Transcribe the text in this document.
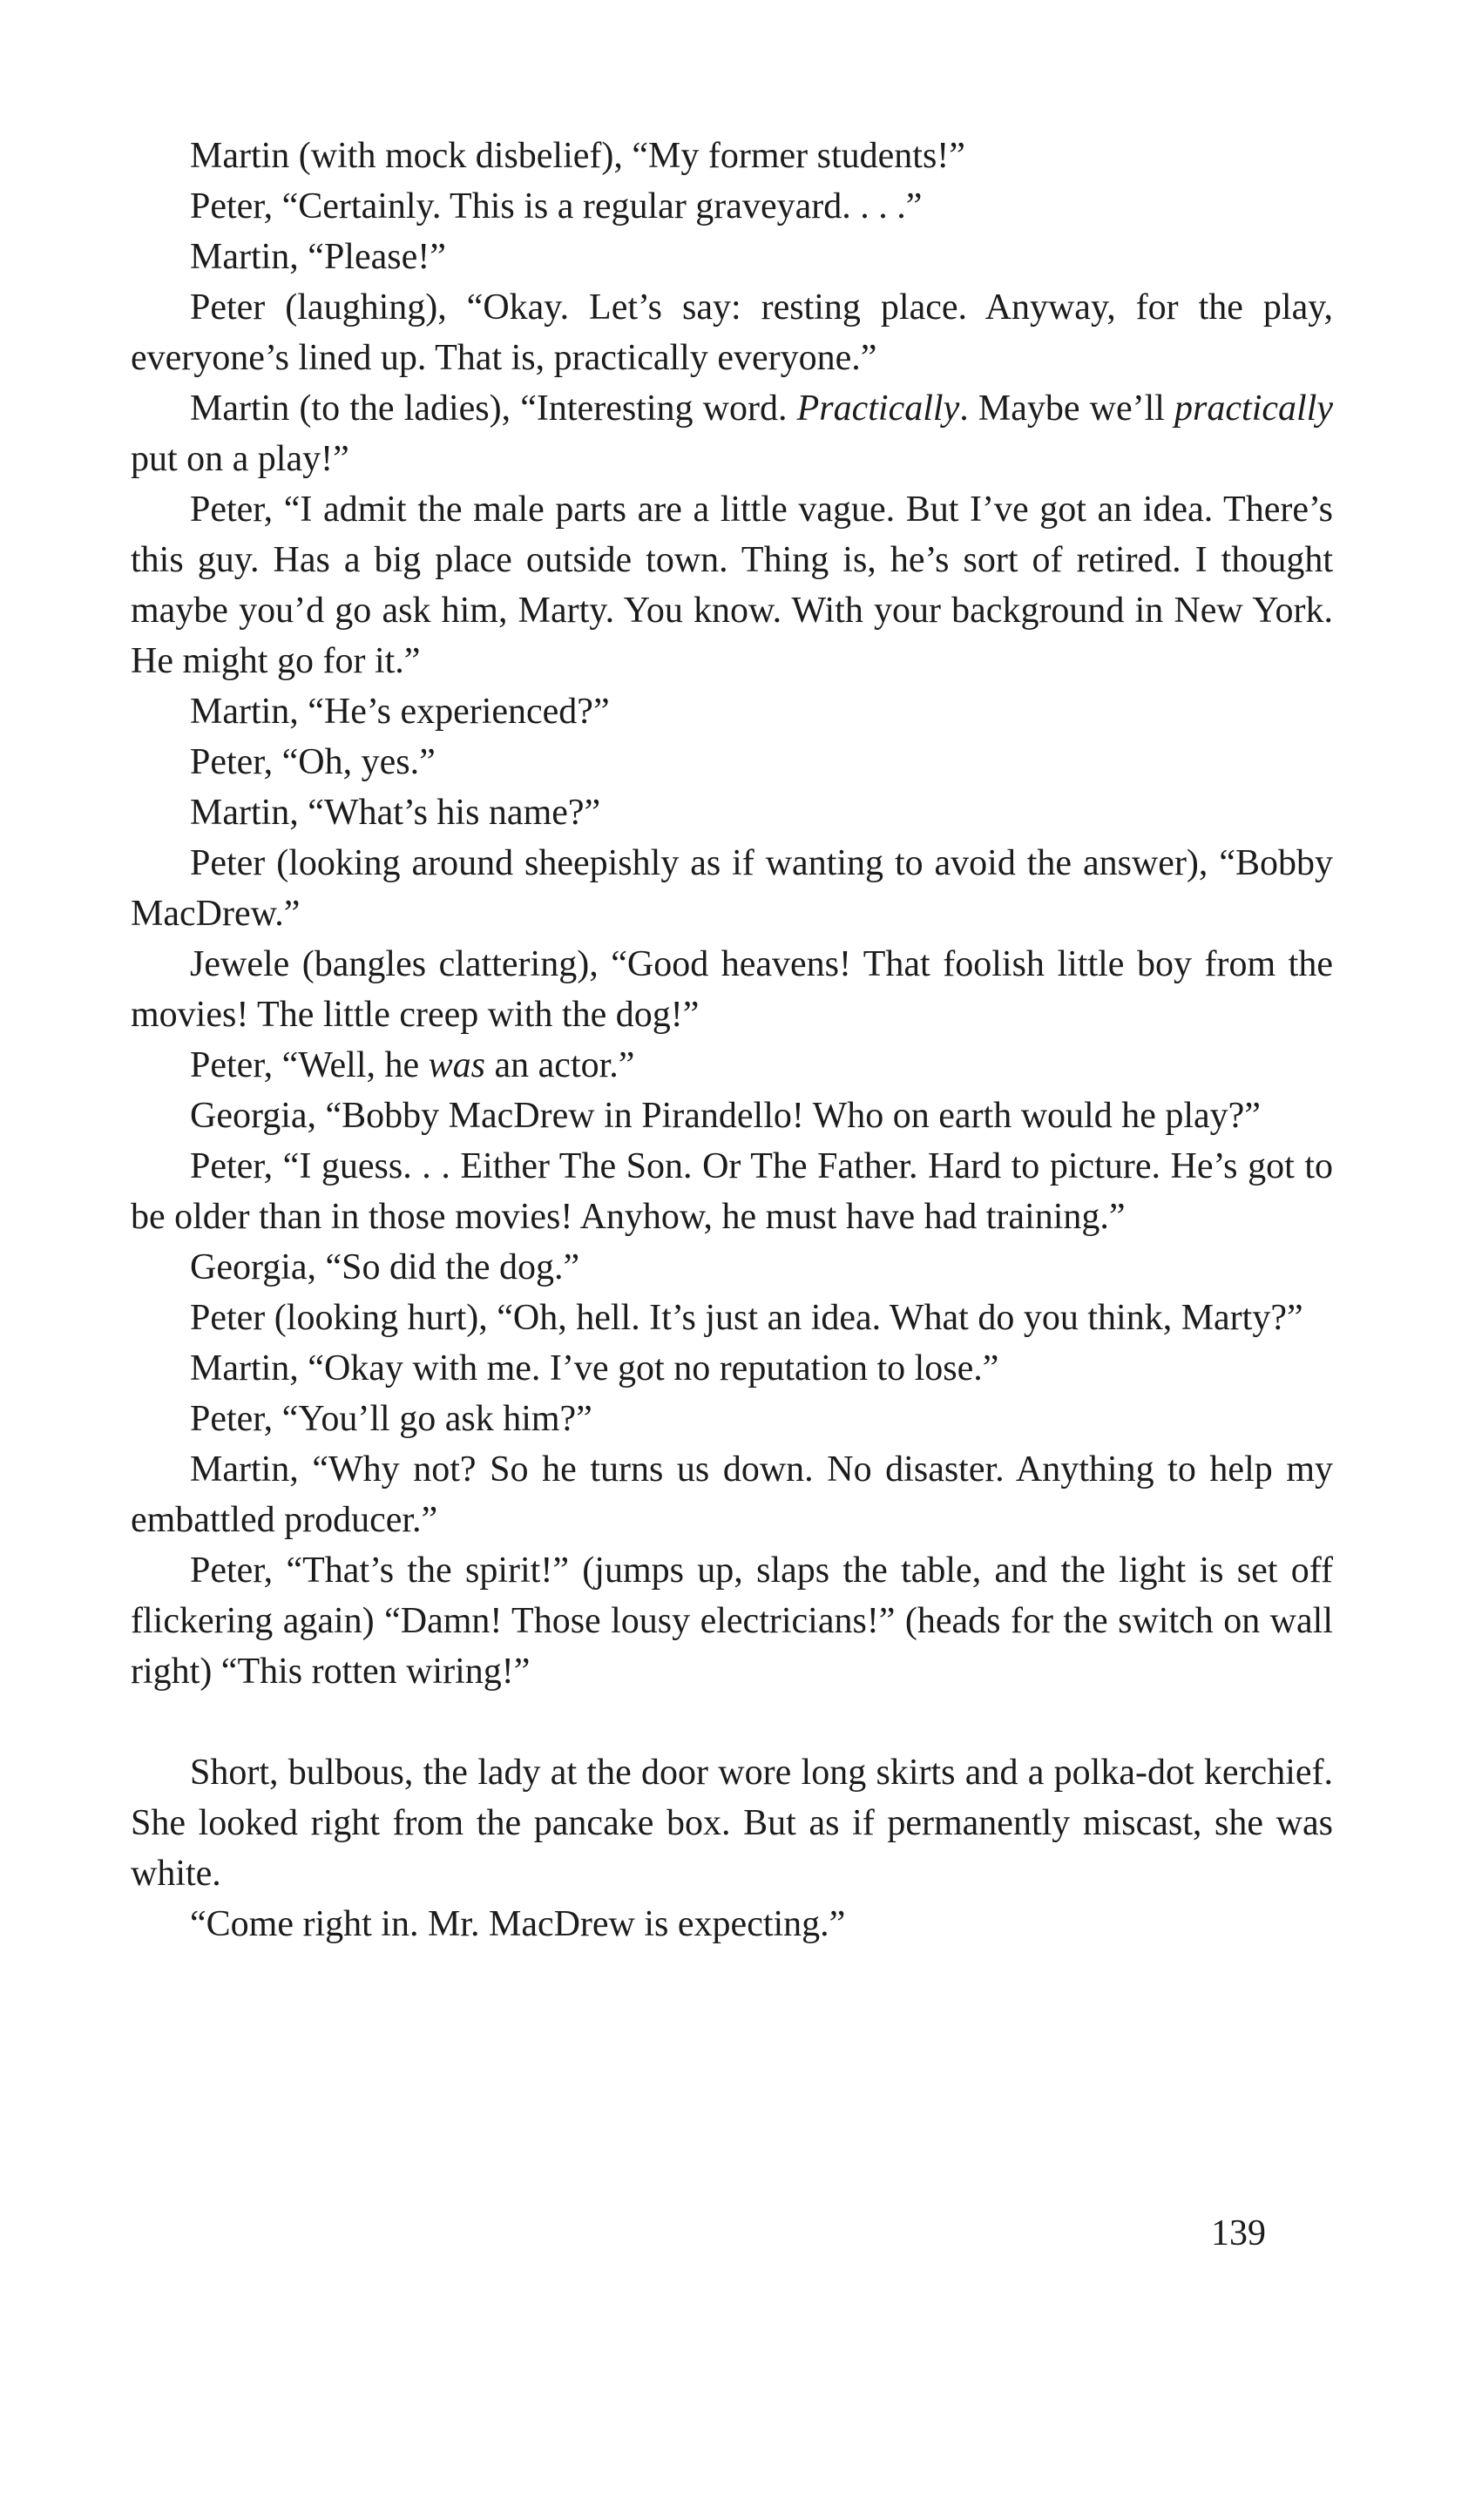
Martin (with mock disbelief), “My former students!”

Peter, “Certainly. This is a regular graveyard. . . .”

Martin, “Please!”

Peter (laughing), “Okay. Let’s say: resting place. Anyway, for the play, everyone’s lined up. That is, practically everyone.”

Martin (to the ladies), “Interesting word. Practically. Maybe we’ll practically put on a play!”

Peter, “I admit the male parts are a little vague. But I’ve got an idea. There’s this guy. Has a big place outside town. Thing is, he’s sort of retired. I thought maybe you’d go ask him, Marty. You know. With your background in New York. He might go for it.”

Martin, “He’s experienced?”

Peter, “Oh, yes.”

Martin, “What’s his name?”

Peter (looking around sheepishly as if wanting to avoid the answer), “Bobby MacDrew.”

Jewele (bangles clattering), “Good heavens! That foolish little boy from the movies! The little creep with the dog!”

Peter, “Well, he was an actor.”

Georgia, “Bobby MacDrew in Pirandello! Who on earth would he play?”

Peter, “I guess. . . Either The Son. Or The Father. Hard to picture. He’s got to be older than in those movies! Anyhow, he must have had training.”

Georgia, “So did the dog.”

Peter (looking hurt), “Oh, hell. It’s just an idea. What do you think, Marty?”

Martin, “Okay with me. I’ve got no reputation to lose.”

Peter, “You’ll go ask him?”

Martin, “Why not? So he turns us down. No disaster. Anything to help my embattled producer.”

Peter, “That’s the spirit!” (jumps up, slaps the table, and the light is set off flickering again) “Damn! Those lousy electricians!” (heads for the switch on wall right) “This rotten wiring!”

Short, bulbous, the lady at the door wore long skirts and a polka-dot kerchief. She looked right from the pancake box. But as if permanently miscast, she was white.

“Come right in. Mr. MacDrew is expecting.”

139
